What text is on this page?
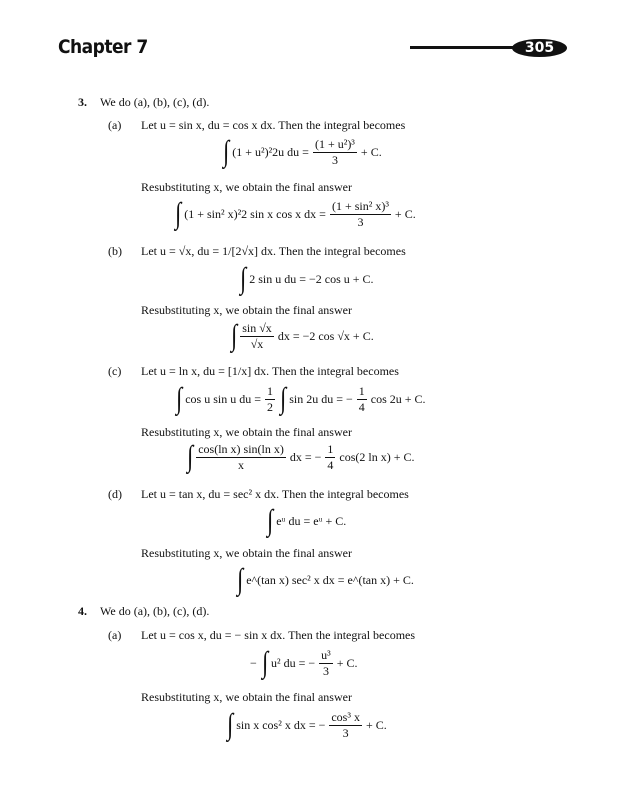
Chapter 7	305
3. We do (a), (b), (c), (d).
(a) Let u = sin x, du = cos x dx. Then the integral becomes
∫ (1 + u²)²2u du = $\frac{\text{(1 + u²)³}}{3} + C$.
Resubstituting x, we obtain the final answer
∫ (1 + sin² x)²2 sin x cos x dx = $\frac{\text{(1 + sin² x)³}}{3} + C$.
(b) Let u = √x, du = 1/[2√x] dx. Then the integral becomes
∫ 2 sin u du = −2 cos u + C.
Resubstituting x, we obtain the final answer
∫ $\frac{\sin √x}{√x}$ dx = −2 cos √x + C.
(c) Let u = ln x, du = [1/x] dx. Then the integral becomes
∫ cos u sin u du = $\frac{1}{2}$ ∫ sin 2u du = − $\frac{1}{4}$ cos 2u + C.
Resubstituting x, we obtain the final answer
∫ $\frac{\text{cos(ln x) sin(ln x)}}{x}$ dx = − $\frac{1}{4} \cos(2$ ln x) + C.
(d) Let u = tan x, du = sec² x dx. Then the integral becomes
∫ eᵘ du = eᵘ + C.
Resubstituting x, we obtain the final answer
∫ e^(tan x) sec² x dx = e^(tan x) + C.
4. We do (a), (b), (c), (d).
(a) Let u = cos x, du = − sin x dx. Then the integral becomes
− ∫ u² du = − $\frac{\text{u³}}{3} + C$.
Resubstituting x, we obtain the final answer
∫ sin x cos² x dx = − $\frac{\text{cos³ x}}{3} + C$.
